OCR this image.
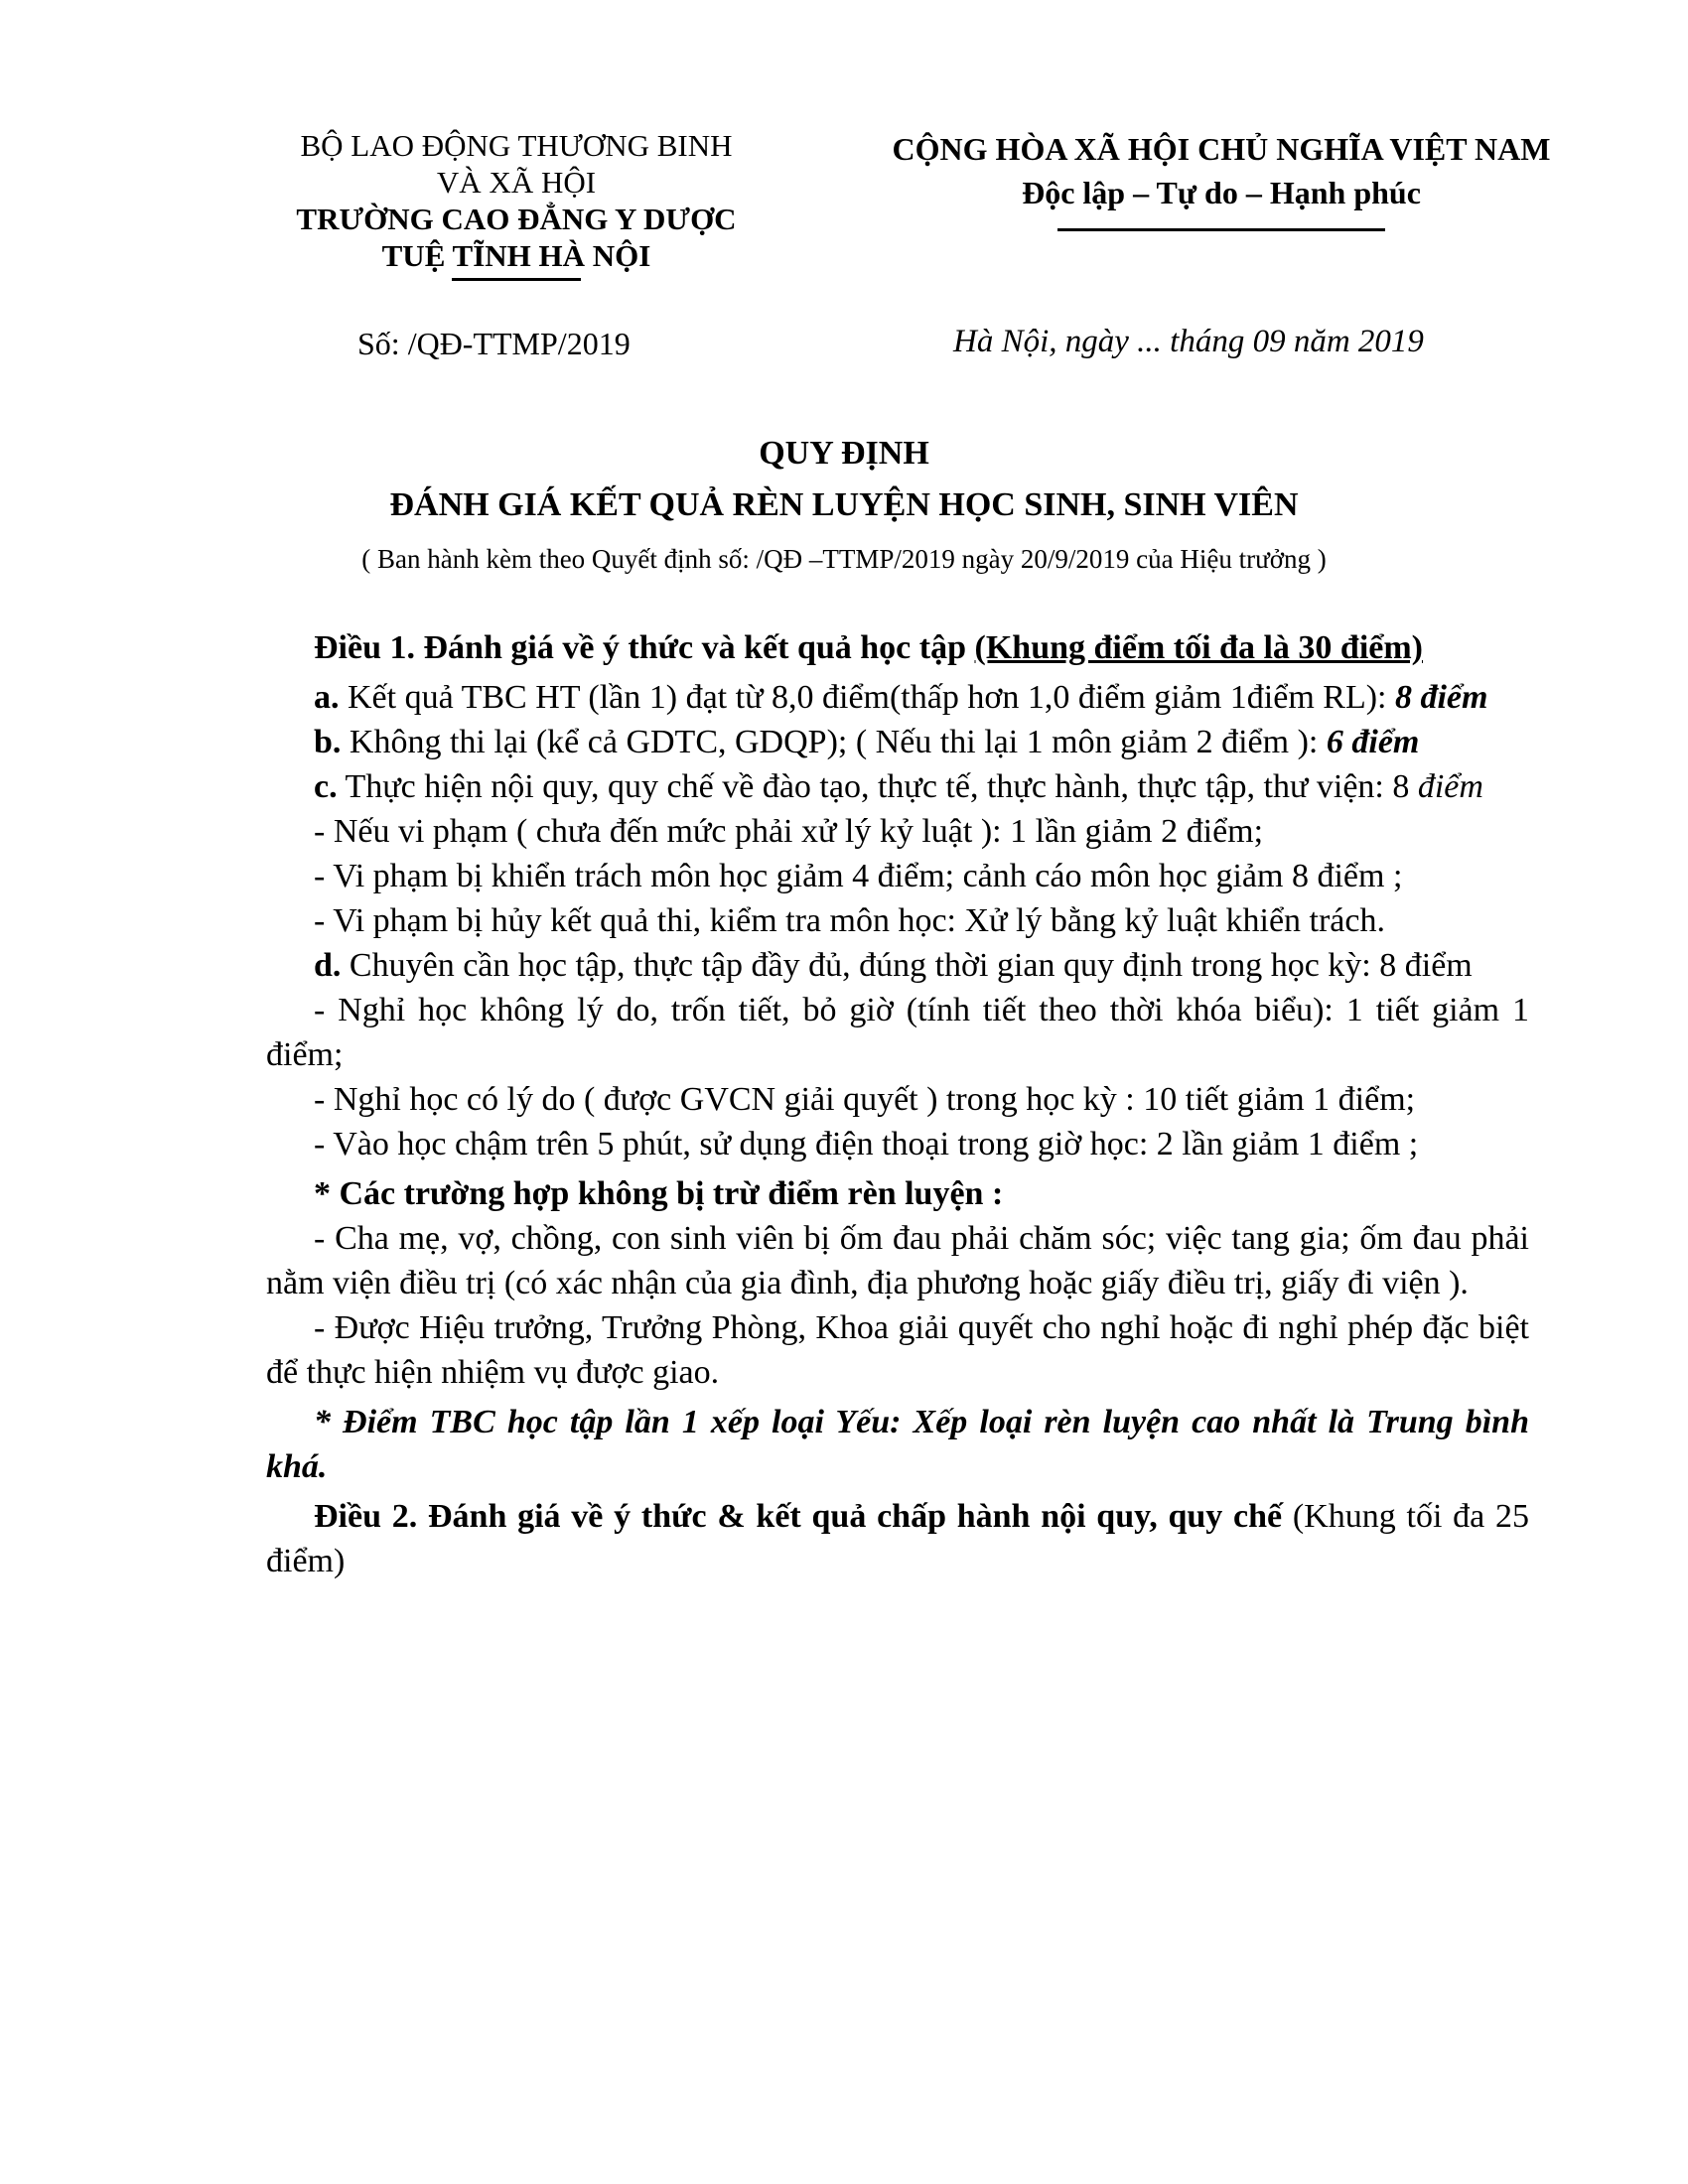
BỘ LAO ĐỘNG THƯƠNG BINH
VÀ XÃ HỘI
TRƯỜNG CAO ĐẲNG Y DƯỢC
TUỆ TĨNH HÀ NỘI
CỘNG HÒA XÃ HỘI CHỦ NGHĨA VIỆT NAM
Độc lập – Tự do – Hạnh phúc
Số: /QĐ-TTMP/2019	Hà Nội, ngày ... tháng 09 năm 2019
QUY ĐỊNH
ĐÁNH GIÁ KẾT QUẢ RÈN LUYỆN HỌC SINH, SINH VIÊN
( Ban hành kèm theo Quyết định số: /QĐ –TTMP/2019 ngày 20/9/2019 của Hiệu trưởng )

Điều 1. Đánh giá về ý thức và kết quả học tập (Khung điểm tối đa là 30 điểm)

a. Kết quả TBC HT (lần 1) đạt từ 8,0 điểm(thấp hơn 1,0 điểm giảm 1điểm RL): 8 điểm

b. Không thi lại (kể cả GDTC, GDQP); ( Nếu thi lại 1 môn giảm 2 điểm ): 6 điểm

c. Thực hiện nội quy, quy chế về đào tạo, thực tế, thực hành, thực tập, thư viện: 8 điểm

- Nếu vi phạm ( chưa đến mức phải xử lý kỷ luật ): 1 lần giảm 2 điểm;

- Vi phạm bị khiển trách môn học giảm 4 điểm; cảnh cáo môn học giảm 8 điểm ;

- Vi phạm bị hủy kết quả thi, kiểm tra môn học: Xử lý bằng kỷ luật khiển trách.

d. Chuyên cần học tập, thực tập đầy đủ, đúng thời gian quy định trong học kỳ: 8 điểm

- Nghỉ học không lý do, trốn tiết, bỏ giờ (tính tiết theo thời khóa biểu): 1 tiết giảm 1 điểm;

- Nghỉ học có lý do ( được GVCN giải quyết ) trong học kỳ : 10 tiết giảm 1 điểm;

- Vào học chậm trên 5 phút, sử dụng điện thoại trong giờ học: 2 lần giảm 1 điểm ;

* Các trường hợp không bị trừ điểm rèn luyện :

- Cha mẹ, vợ, chồng, con sinh viên bị ốm đau phải chăm sóc; việc tang gia; ốm đau phải nằm viện điều trị (có xác nhận của gia đình, địa phương hoặc giấy điều trị, giấy đi viện ).

- Được Hiệu trưởng, Trưởng Phòng, Khoa giải quyết cho nghỉ hoặc đi nghỉ phép đặc biệt để thực hiện nhiệm vụ được giao.

* Điểm TBC học tập lần 1 xếp loại Yếu: Xếp loại rèn luyện cao nhất là Trung bình khá.

Điều 2. Đánh giá về ý thức & kết quả chấp hành nội quy, quy chế (Khung tối đa 25 điểm)
